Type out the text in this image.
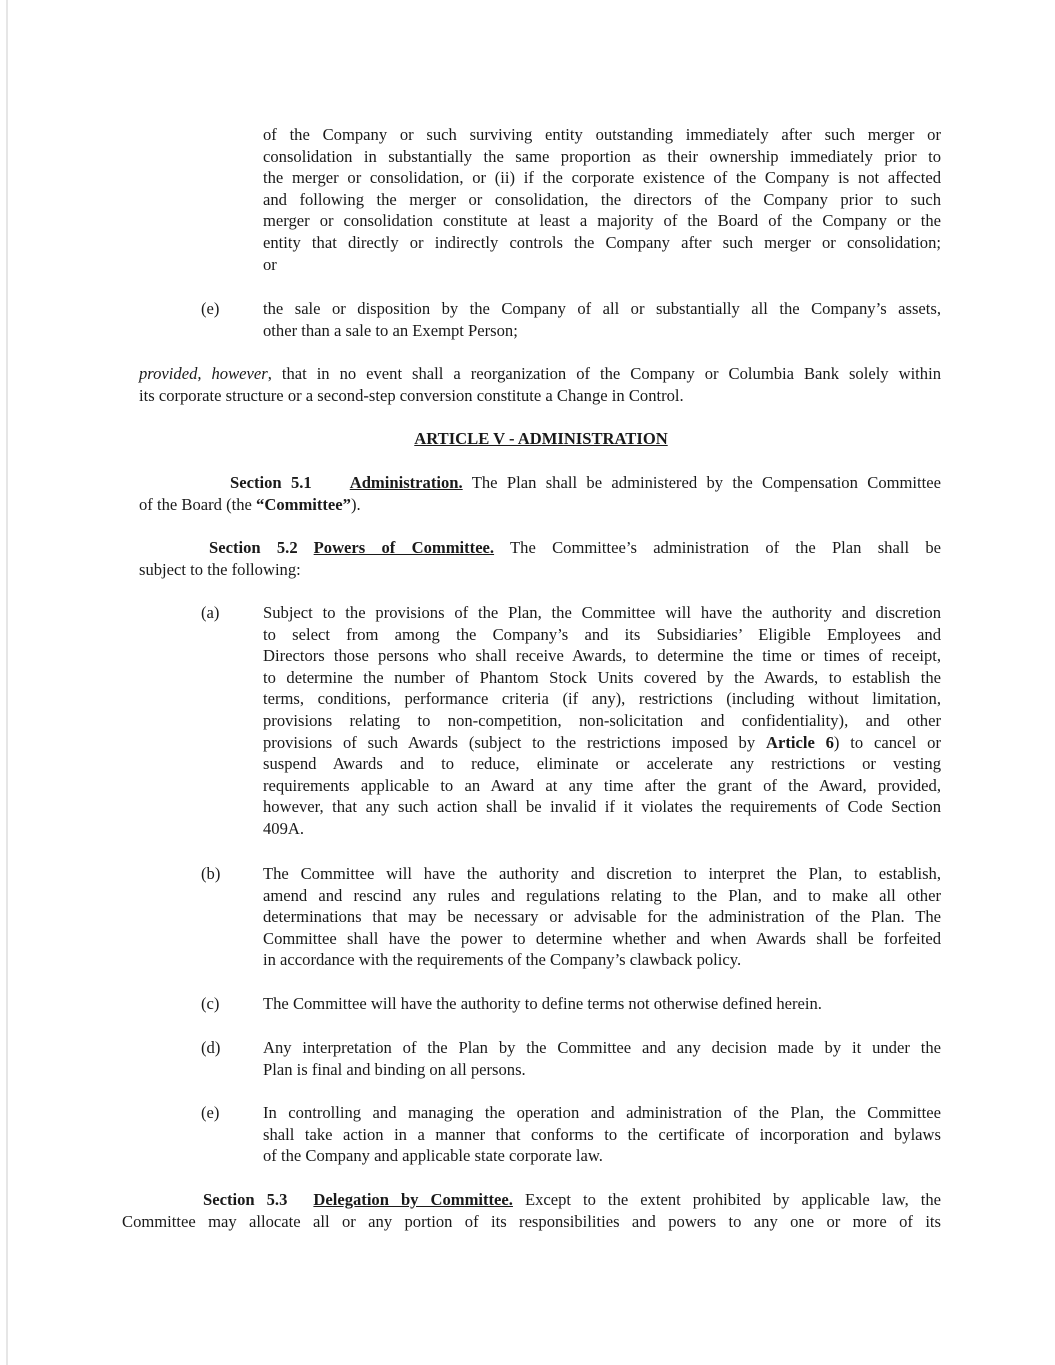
of the Company or such surviving entity outstanding immediately after such merger or
consolidation in substantially the same proportion as their ownership immediately prior to
the merger or consolidation, or (ii) if the corporate existence of the Company is not affected
and following the merger or consolidation, the directors of the Company prior to such
merger or consolidation constitute at least a majority of the Board of the Company or the
entity that directly or indirectly controls the Company after such merger or consolidation;
or
(e)	the sale or disposition by the Company of all or substantially all the Company’s assets,
other than a sale to an Exempt Person;
provided, however, that in no event shall a reorganization of the Company or Columbia Bank solely within
its corporate structure or a second-step conversion constitute a Change in Control.
ARTICLE V - ADMINISTRATION
Section 5.1 Administration. The Plan shall be administered by the Compensation Committee
of the Board (the “Committee”).
Section 5.2 Powers of Committee. The Committee’s administration of the Plan shall be
subject to the following:
(a)	Subject to the provisions of the Plan, the Committee will have the authority and discretion
to select from among the Company’s and its Subsidiaries’ Eligible Employees and
Directors those persons who shall receive Awards, to determine the time or times of receipt,
to determine the number of Phantom Stock Units covered by the Awards, to establish the
terms, conditions, performance criteria (if any), restrictions (including without limitation,
provisions relating to non-competition, non-solicitation and confidentiality), and other
provisions of such Awards (subject to the restrictions imposed by Article 6) to cancel or
suspend Awards and to reduce, eliminate or accelerate any restrictions or vesting
requirements applicable to an Award at any time after the grant of the Award, provided,
however, that any such action shall be invalid if it violates the requirements of Code Section
409A.
(b)	The Committee will have the authority and discretion to interpret the Plan, to establish,
amend and rescind any rules and regulations relating to the Plan, and to make all other
determinations that may be necessary or advisable for the administration of the Plan. The
Committee shall have the power to determine whether and when Awards shall be forfeited
in accordance with the requirements of the Company’s clawback policy.
(c)	The Committee will have the authority to define terms not otherwise defined herein.
(d)	Any interpretation of the Plan by the Committee and any decision made by it under the
Plan is final and binding on all persons.
(e)	In controlling and managing the operation and administration of the Plan, the Committee
shall take action in a manner that conforms to the certificate of incorporation and bylaws
of the Company and applicable state corporate law.
Section 5.3 Delegation by Committee. Except to the extent prohibited by applicable law, the
Committee may allocate all or any portion of its responsibilities and powers to any one or more of its
